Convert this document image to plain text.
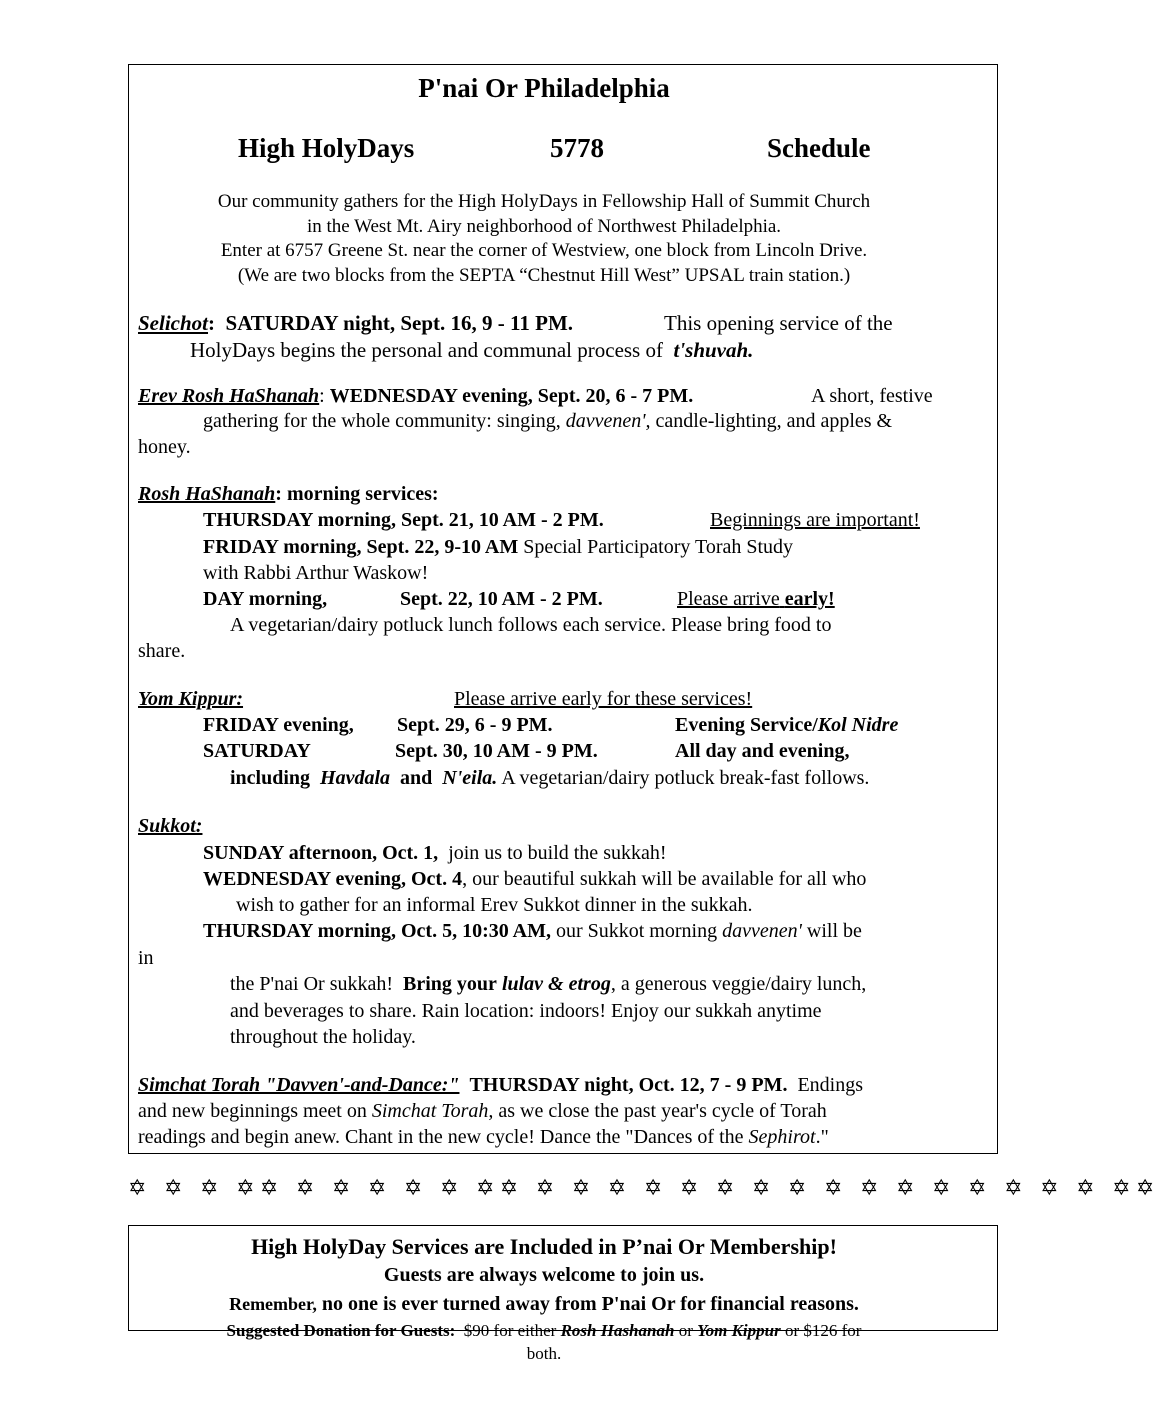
P'nai Or Philadelphia
High HolyDays	5778	Schedule
Our community gathers for the High HolyDays in Fellowship Hall of Summit Church
in the West Mt. Airy neighborhood of Northwest Philadelphia.
Enter at 6757 Greene St. near the corner of Westview, one block from Lincoln Drive.
(We are two blocks from the SEPTA “Chestnut Hill West” UPSAL train station.)
Selichot: SATURDAY night, Sept. 16, 9 - 11 PM.	This opening service of the
HolyDays begins the personal and communal process of t'shuvah.
Erev Rosh HaShanah: WEDNESDAY evening, Sept. 20, 6 - 7 PM.	A short, festive
gathering for the whole community: singing, davvenen', candle-lighting, and apples &
honey.
Rosh HaShanah: morning services:
THURSDAY morning, Sept. 21, 10 AM - 2 PM.	Beginnings are important!
FRIDAY morning, Sept. 22, 9-10 AM Special Participatory Torah Study
with Rabbi Arthur Waskow!
DAY morning,	Sept. 22, 10 AM - 2 PM.	Please arrive early!
A vegetarian/dairy potluck lunch follows each service. Please bring food to
share.
Yom Kippur:	Please arrive early for these services!
FRIDAY evening, Sept. 29, 6 - 9 PM.	Evening Service/Kol Nidre
SATURDAY	Sept. 30, 10 AM - 9 PM.	All day and evening,
including Havdala and N'eila. A vegetarian/dairy potluck break-fast follows.
Sukkot:
SUNDAY afternoon, Oct. 1, join us to build the sukkah!
WEDNESDAY evening, Oct. 4, our beautiful sukkah will be available for all who
wish to gather for an informal Erev Sukkot dinner in the sukkah.
THURSDAY morning, Oct. 5, 10:30 AM, our Sukkot morning davvenen' will be
in
the P'nai Or sukkah! Bring your lulav & etrog, a generous veggie/dairy lunch,
and beverages to share. Rain location: indoors! Enjoy our sukkah anytime
throughout the holiday.
Simchat Torah "Davven'-and-Dance:" THURSDAY night, Oct. 12, 7 - 9 PM. Endings
and new beginnings meet on Simchat Torah, as we close the past year's cycle of Torah
readings and begin anew. Chant in the new cycle! Dance the "Dances of the Sephirot."
✡ ✡ ✡ ✡✡ ✡ ✡ ✡ ✡ ✡ ✡✡ ✡ ✡ ✡ ✡ ✡ ✡ ✡ ✡ ✡ ✡ ✡ ✡ ✡ ✡ ✡ ✡ ✡✡
High HolyDay Services are Included in P’nai Or Membership!
Guests are always welcome to join us.
Remember, no one is ever turned away from P'nai Or for financial reasons.
Suggested Donation for Guests: $90 for either Rosh Hashanah or Yom Kippur or $126 for
both.
